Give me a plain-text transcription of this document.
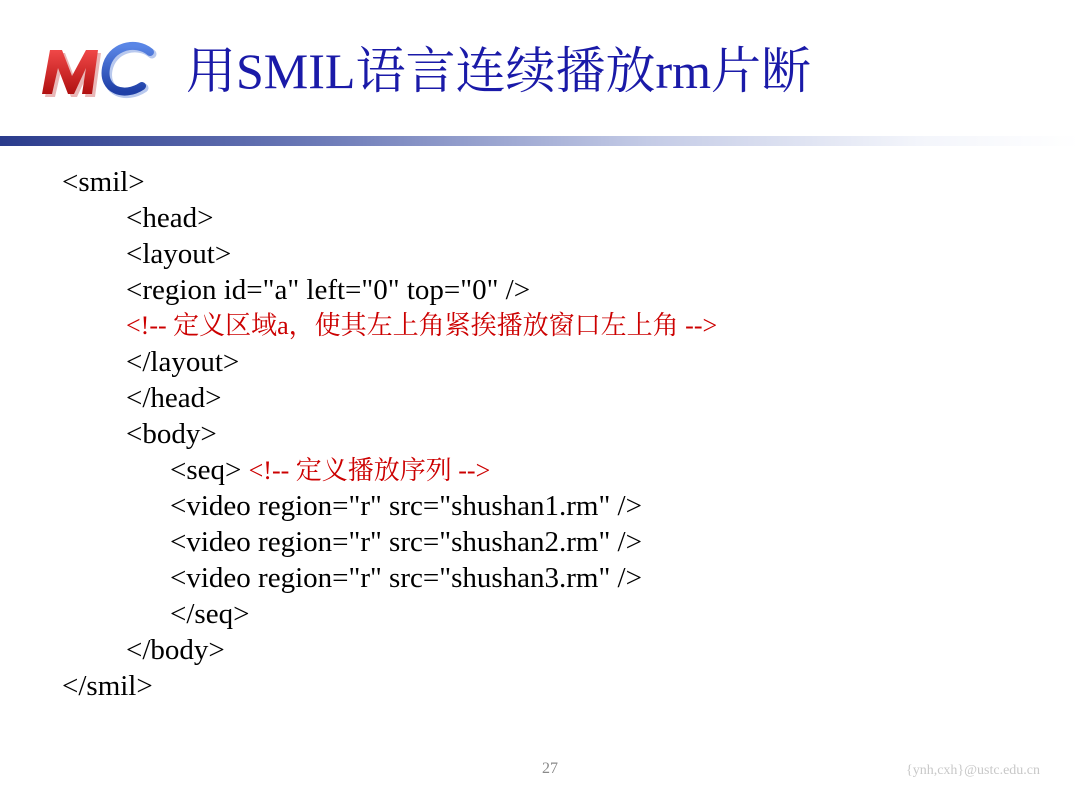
用SMIL语言连续播放rm片断
<smil>
<head>
<layout>
<region id="a" left="0" top="0" />
<!-- 定义区域a，使其左上角紧挨播放窗口左上角 -->
</layout>
</head>
<body>
<seq> <!-- 定义播放序列 -->
<video region="r" src="shushan1.rm" />
<video region="r" src="shushan2.rm" />
<video region="r" src="shushan3.rm" />
</seq>
</body>
</smil>
27	{ynh,cxh}@ustc.edu.cn
